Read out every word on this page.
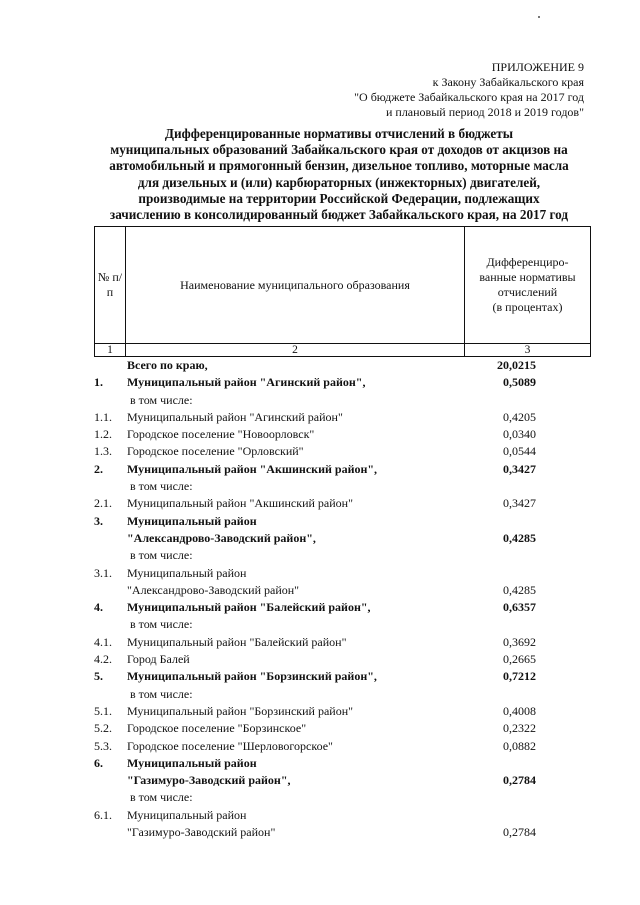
ПРИЛОЖЕНИЕ 9
к Закону Забайкальского края
"О бюджете Забайкальского края на 2017 год
и плановый период 2018 и 2019 годов"
Дифференцированные нормативы отчислений в бюджеты
муниципальных образований Забайкальского края от доходов от акцизов на
автомобильный и прямогонный бензин, дизельное топливо, моторные масла
для дизельных и (или) карбюраторных (инжекторных) двигателей,
производимые на территории Российской Федерации, подлежащих
зачислению в консолидированный бюджет Забайкальского края, на 2017 год
№ п/п	Наименование муниципального образования	Дифференциро-
ванные нормативы
отчислений
(в процентах)

1	2	3
Всего по краю,	20,0215
1. Муниципальный район "Агинский район",	0,5089
в том числе:
1.1. Муниципальный район "Агинский район"	0,4205
1.2. Городское поселение "Новоорловск"	0,0340
1.3. Городское поселение "Орловский"	0,0544
2. Муниципальный район "Акшинский район",	0,3427
в том числе:
2.1. Муниципальный район "Акшинский район"	0,3427
3. Муниципальный район
"Александрово-Заводский район",	0,4285
в том числе:
3.1. Муниципальный район
"Александрово-Заводский район"	0,4285
4. Муниципальный район "Балейский район",	0,6357
в том числе:
4.1. Муниципальный район "Балейский район"	0,3692
4.2. Город Балей	0,2665
5. Муниципальный район "Борзинский район",	0,7212
в том числе:
5.1. Муниципальный район "Борзинский район"	0,4008
5.2. Городское поселение "Борзинское"	0,2322
5.3. Городское поселение "Шерловогорское"	0,0882
6. Муниципальный район
"Газимуро-Заводский район",	0,2784
в том числе:
6.1. Муниципальный район
"Газимуро-Заводский район"	0,2784
